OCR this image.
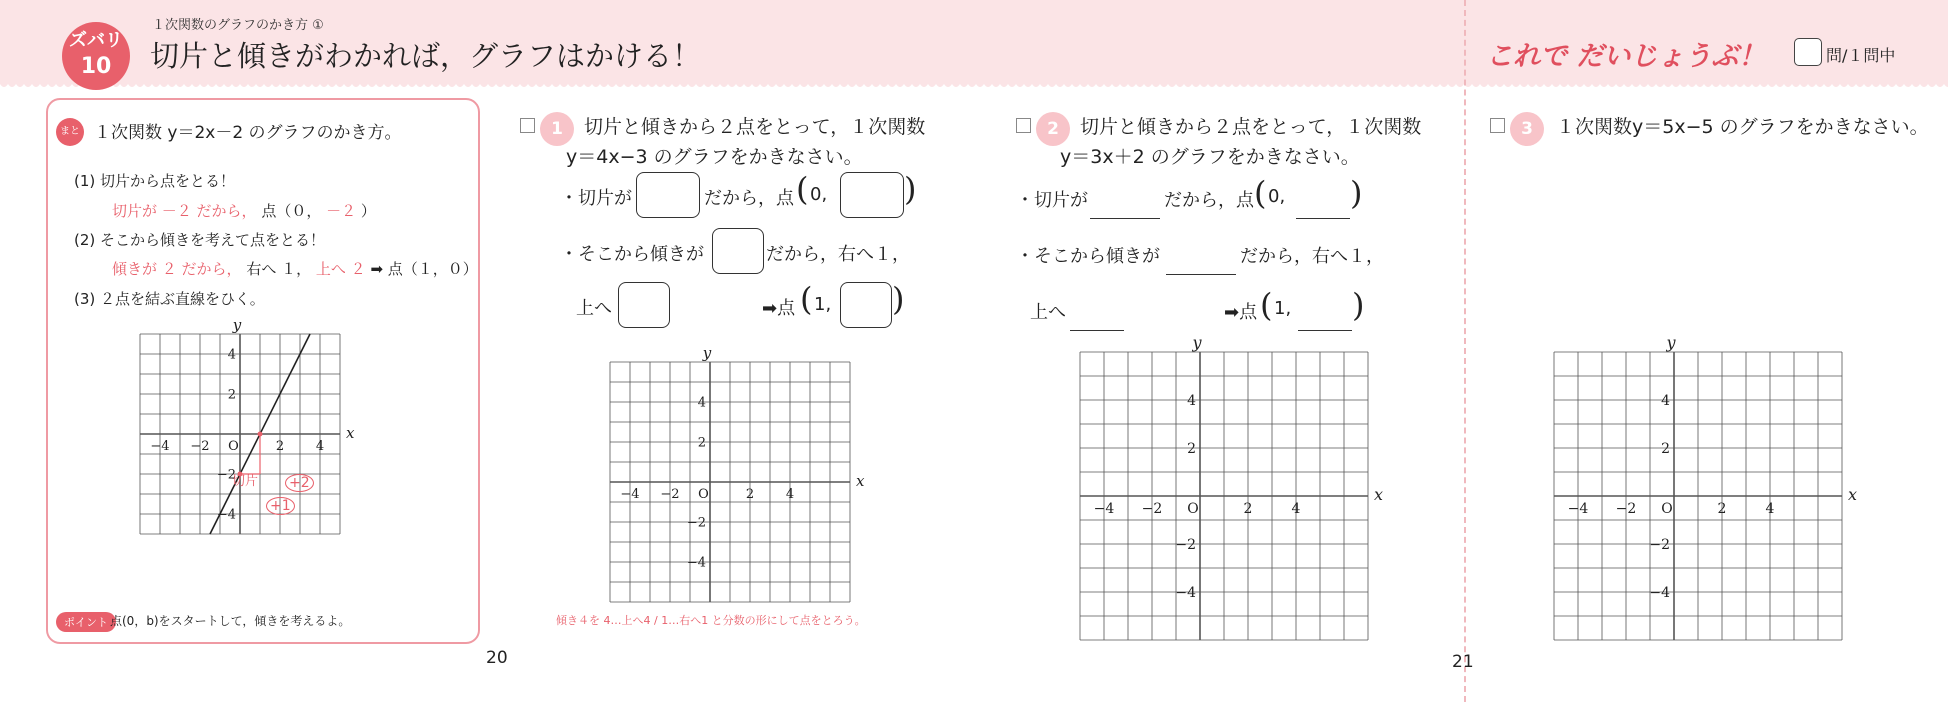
ズバリ
10
１次関数のグラフのかき方 ①
切片と傾きがわかれば，グラフはかける！	これで だいじょうぶ！	問/１問中
まとめ
１次関数 y＝2x－2 のグラフのかき方。
(1) 切片から点をとる！
切片が －２ だから， 点（０， －２ ）
(2) そこから傾きを考えて点をとる！
傾きが ２ だから， 右へ １， 上へ ２ ➡ 点（１，０）
(3) ２点を結ぶ直線をひく。
ポイント 点(0，b)をスタートして，傾きを考えるよ。
x
y
−4 −2	2 4
O
4
2
−2
−4
x
y
−4 −2	2 4
O
4
2
−2
−4
x
y
−4 −2	2	4
O
4
2
−2
−4
x
y
−4 −2	2	4
O
4
2
−2
−4
切片 +2
+1
1	切片と傾きから２点をとって，１次関数
y＝4x−3 のグラフをかきなさい。
・切片が	だから，点 ( 0, )
・そこから傾きが	だから，右へ１，
上へ	➡点 ( 1, )
傾き４を 4…上へ4 / 1…右へ1 と分数の形にして点をとろう。
2	切片と傾きから２点をとって，１次関数
y＝3x＋2 のグラフをかきなさい。
・切片が	だから，点 ( 0, )
・そこから傾きが	だから，右へ１，
上へ	➡点 ( 1, )
3	１次関数y＝5x−5 のグラフをかきなさい。
20	21
